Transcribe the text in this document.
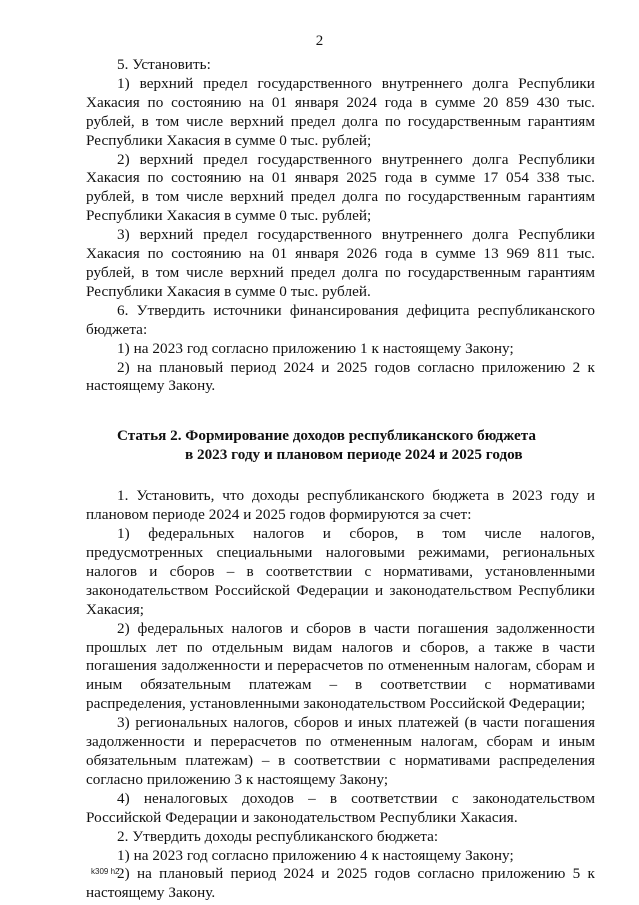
2

5. Установить:

1) верхний предел государственного внутреннего долга Республики Хакасия по состоянию на 01 января 2024 года в сумме 20 859 430 тыс. рублей, в том числе верхний предел долга по государственным гарантиям Республики Хакасия в сумме 0 тыс. рублей;

2) верхний предел государственного внутреннего долга Республики Хакасия по состоянию на 01 января 2025 года в сумме 17 054 338 тыс. рублей, в том числе верхний предел долга по государственным гарантиям Республики Хакасия в сумме 0 тыс. рублей;

3) верхний предел государственного внутреннего долга Республики Хакасия по состоянию на 01 января 2026 года в сумме 13 969 811 тыс. рублей, в том числе верхний предел долга по государственным гарантиям Республики Хакасия в сумме 0 тыс. рублей.

6. Утвердить источники финансирования дефицита республиканского бюджета:

1) на 2023 год согласно приложению 1 к настоящему Закону;

2) на плановый период 2024 и 2025 годов согласно приложению 2 к настоящему Закону.

Статья 2. Формирование доходов республиканского бюджета
в 2023 году и плановом периоде 2024 и 2025 годов

1. Установить, что доходы республиканского бюджета в 2023 году и плановом периоде 2024 и 2025 годов формируются за счет:

1) федеральных налогов и сборов, в том числе налогов, предусмотренных специальными налоговыми режимами, региональных налогов и сборов – в соответствии с нормативами, установленными законодательством Российской Федерации и законодательством Республики Хакасия;

2) федеральных налогов и сборов в части погашения задолженности прошлых лет по отдельным видам налогов и сборов, а также в части погашения задолженности и перерасчетов по отмененным налогам, сборам и иным обязательным платежам – в соответствии с нормативами распределения, установленными законодательством Российской Федерации;

3) региональных налогов, сборов и иных платежей (в части погашения задолженности и перерасчетов по отмененным налогам, сборам и иным обязательным платежам) – в соответствии с нормативами распределения согласно приложению 3 к настоящему Закону;

4) неналоговых доходов – в соответствии с законодательством Российской Федерации и законодательством Республики Хакасия.

2. Утвердить доходы республиканского бюджета:

1) на 2023 год согласно приложению 4 к настоящему Закону;

2) на плановый период 2024 и 2025 годов согласно приложению 5 к настоящему Закону.

k309 h2
